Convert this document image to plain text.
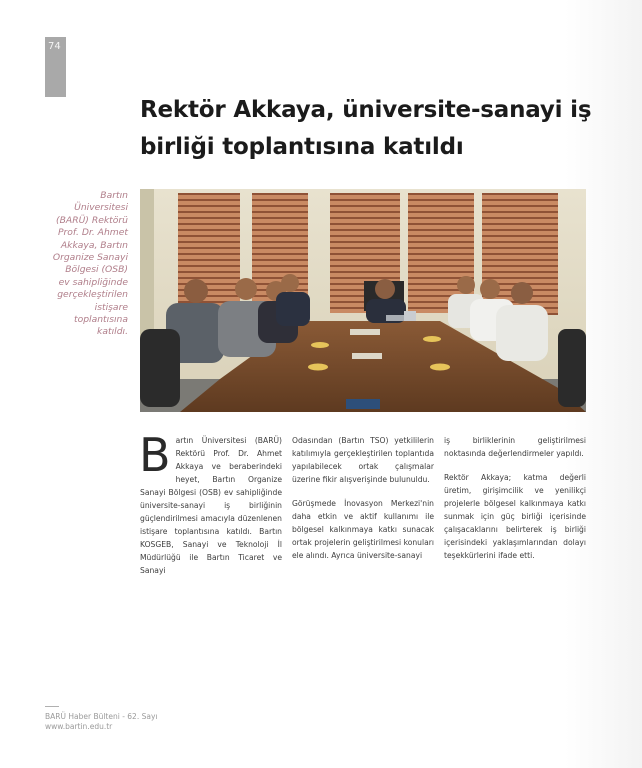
74
Rektör Akkaya, üniversite-sanayi iş birliği toplantısına katıldı

Bartın Üniversitesi (BARÜ) Rektörü Prof. Dr. Ahmet Akkaya, Bartın Organize Sanayi Bölgesi (OSB) ev sahipliğinde gerçekleştirilen istişare toplantısına katıldı.

B artın Üniversitesi (BARÜ) Rektörü Prof. Dr. Ahmet Akkaya ve beraberindeki heyet, Bartın Organize Sanayi Bölgesi (OSB) ev sahipliğinde üniversite-sanayi iş birliğinin güçlendirilmesi amacıyla düzenlenen istişare toplantısına katıldı. Bartın KOSGEB, Sanayi ve Teknoloji İl Müdürlüğü ile Bartın Ticaret ve Sanayi

Odasından (Bartın TSO) yetkililerin katılımıyla gerçekleştirilen toplantıda yapılabilecek ortak çalışmalar üzerine fikir alışverişinde bulunuldu.

Görüşmede İnovasyon Merkezi'nin daha etkin ve aktif kullanımı ile bölgesel kalkınmaya katkı sunacak ortak projelerin geliştirilmesi konuları ele alındı. Ayrıca üniversite-sanayi

iş birliklerinin geliştirilmesi noktasında değerlendirmeler yapıldı.

Rektör Akkaya; katma değerli üretim, girişimcilik ve yenilikçi projelerle bölgesel kalkınmaya katkı sunmak için güç birliği içerisinde çalışacaklarını belirterek iş birliği içerisindeki yaklaşımlarından dolayı teşekkürlerini ifade etti.

BARÜ Haber Bülteni - 62. Sayı
www.bartin.edu.tr
